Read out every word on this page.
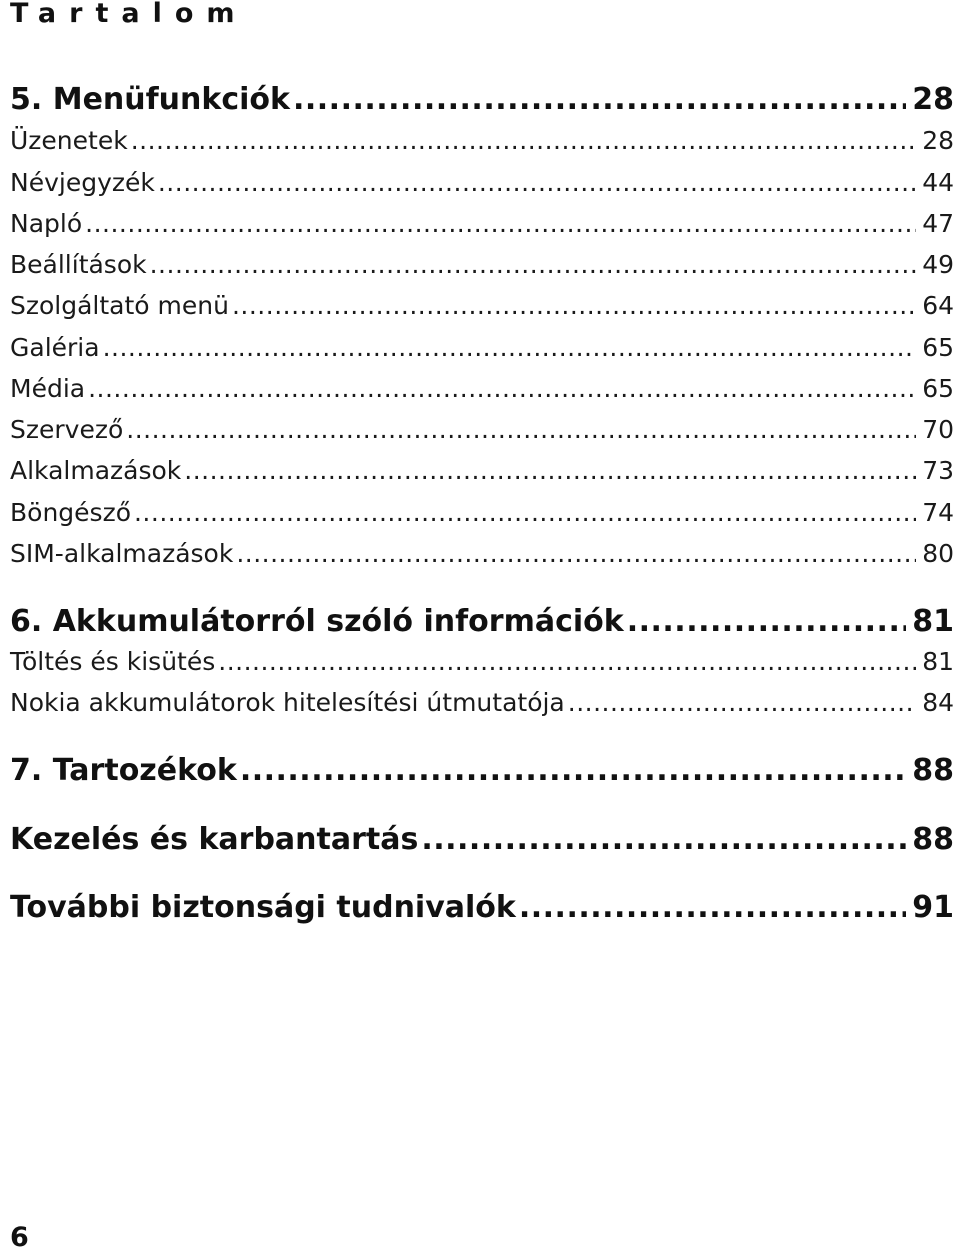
Tartalom
5. Menüfunkciók .....	28
Üzenetek .....	28
Névjegyzék .....	44
Napló .....	47
Beállítások .....	49
Szolgáltató menü .....	64
Galéria .....	65
Média .....	65
Szervező .....	70
Alkalmazások .....	73
Böngésző .....	74
SIM-alkalmazások .....	80
6. Akkumulátorról szóló információk .....	81
Töltés és kisütés .....	81
Nokia akkumulátorok hitelesítési útmutatója .....	84
7. Tartozékok .....	88
Kezelés és karbantartás .....	88
További biztonsági tudnivalók .....	91
6
